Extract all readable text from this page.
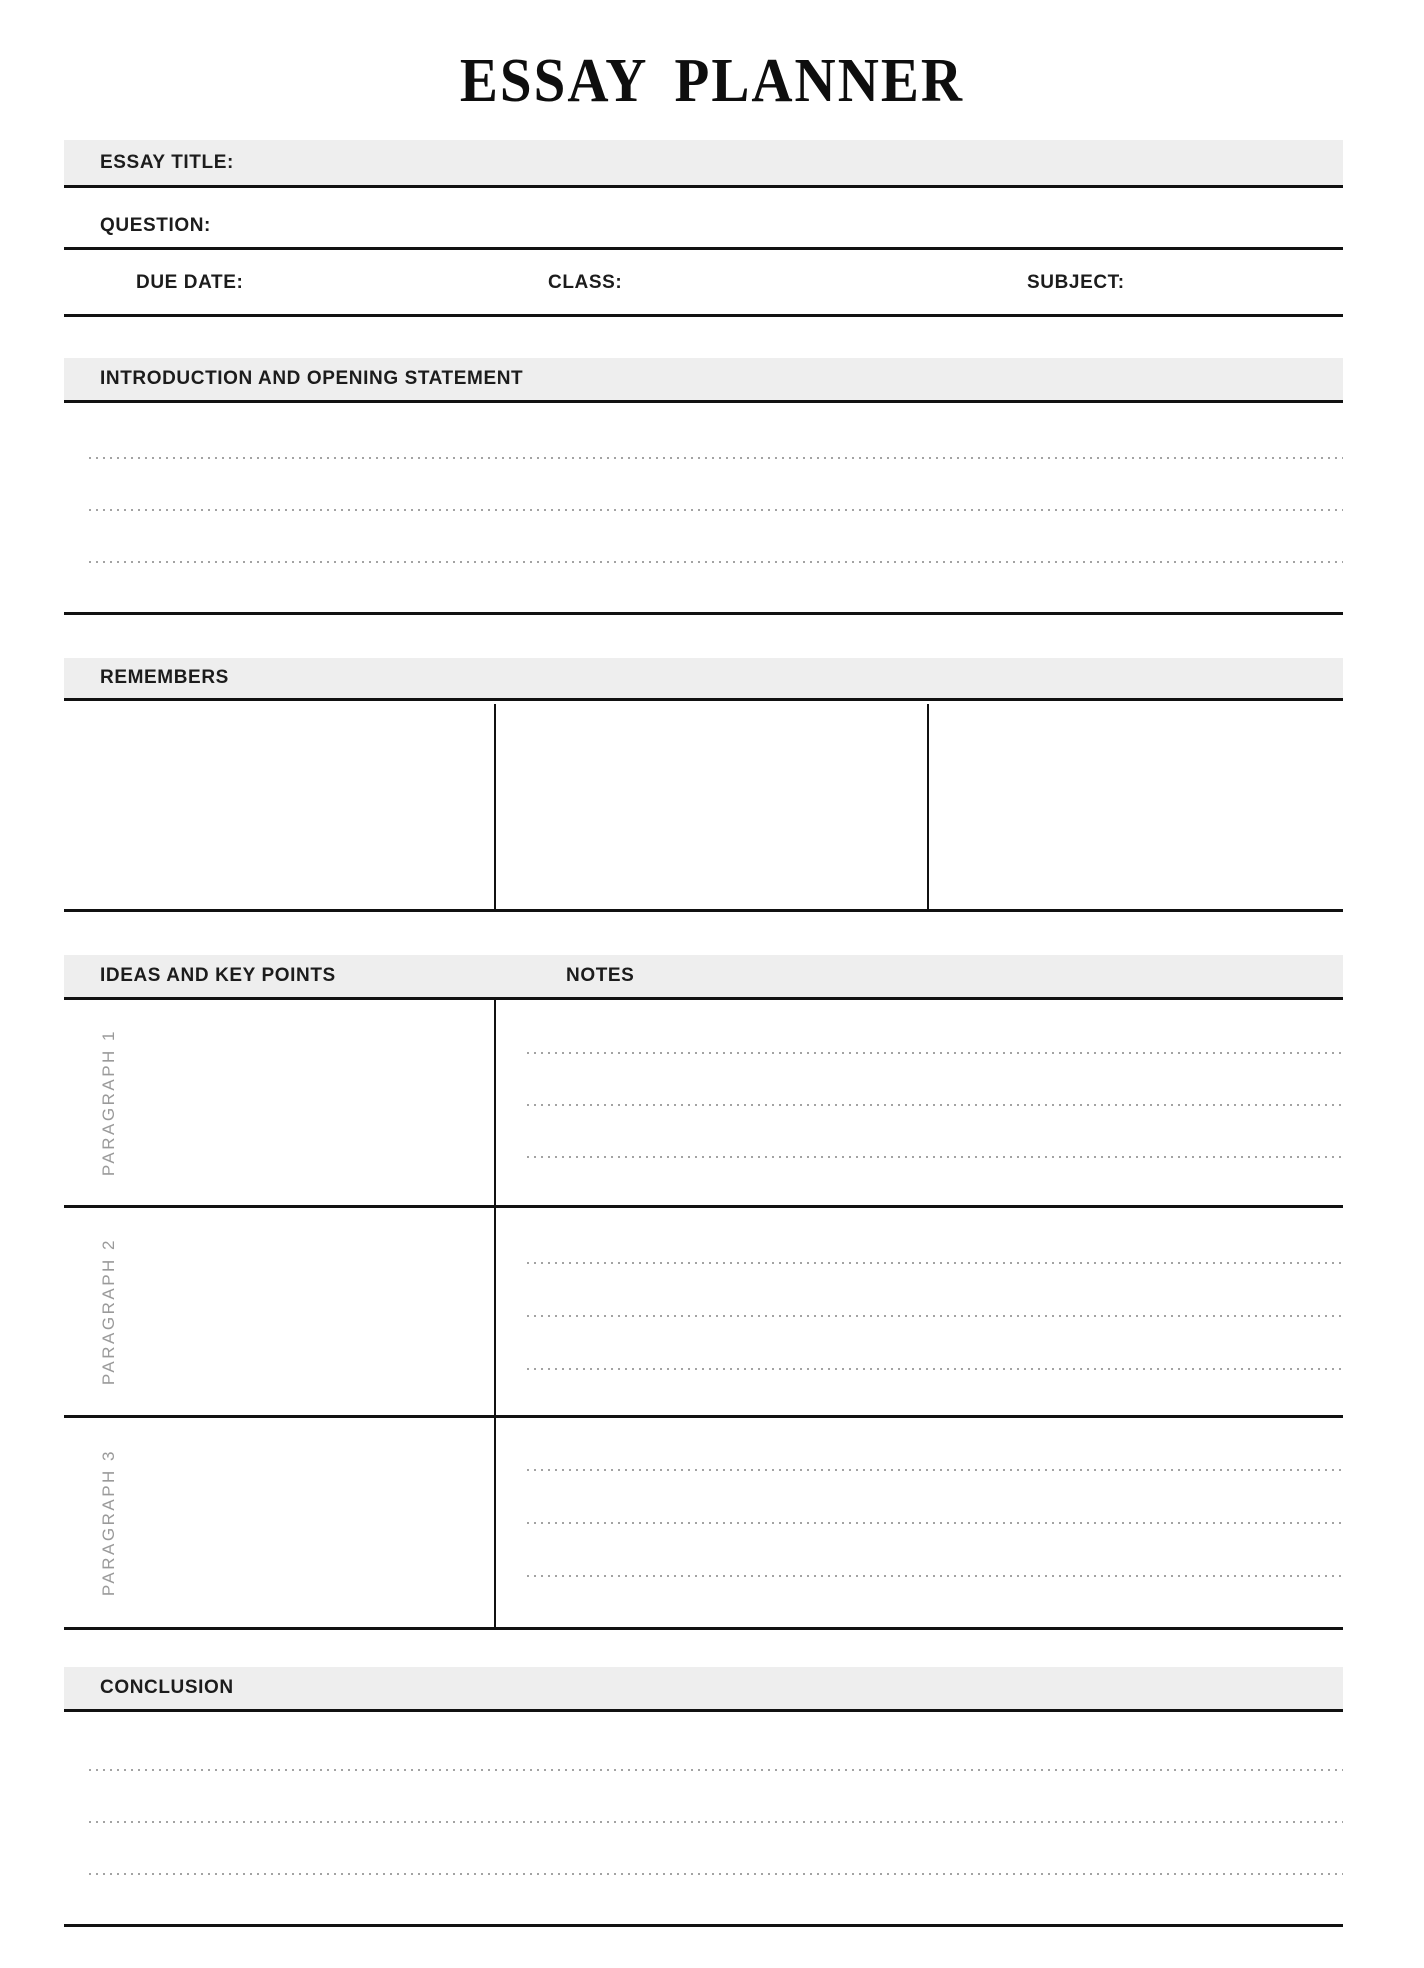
ESSAY PLANNER
ESSAY TITLE:
QUESTION:
DUE DATE:	CLASS:	SUBJECT:
INTRODUCTION AND OPENING STATEMENT
REMEMBERS
IDEAS AND KEY POINTS	NOTES
PARAGRAPH 1
PARAGRAPH 2
PARAGRAPH 3
CONCLUSION
